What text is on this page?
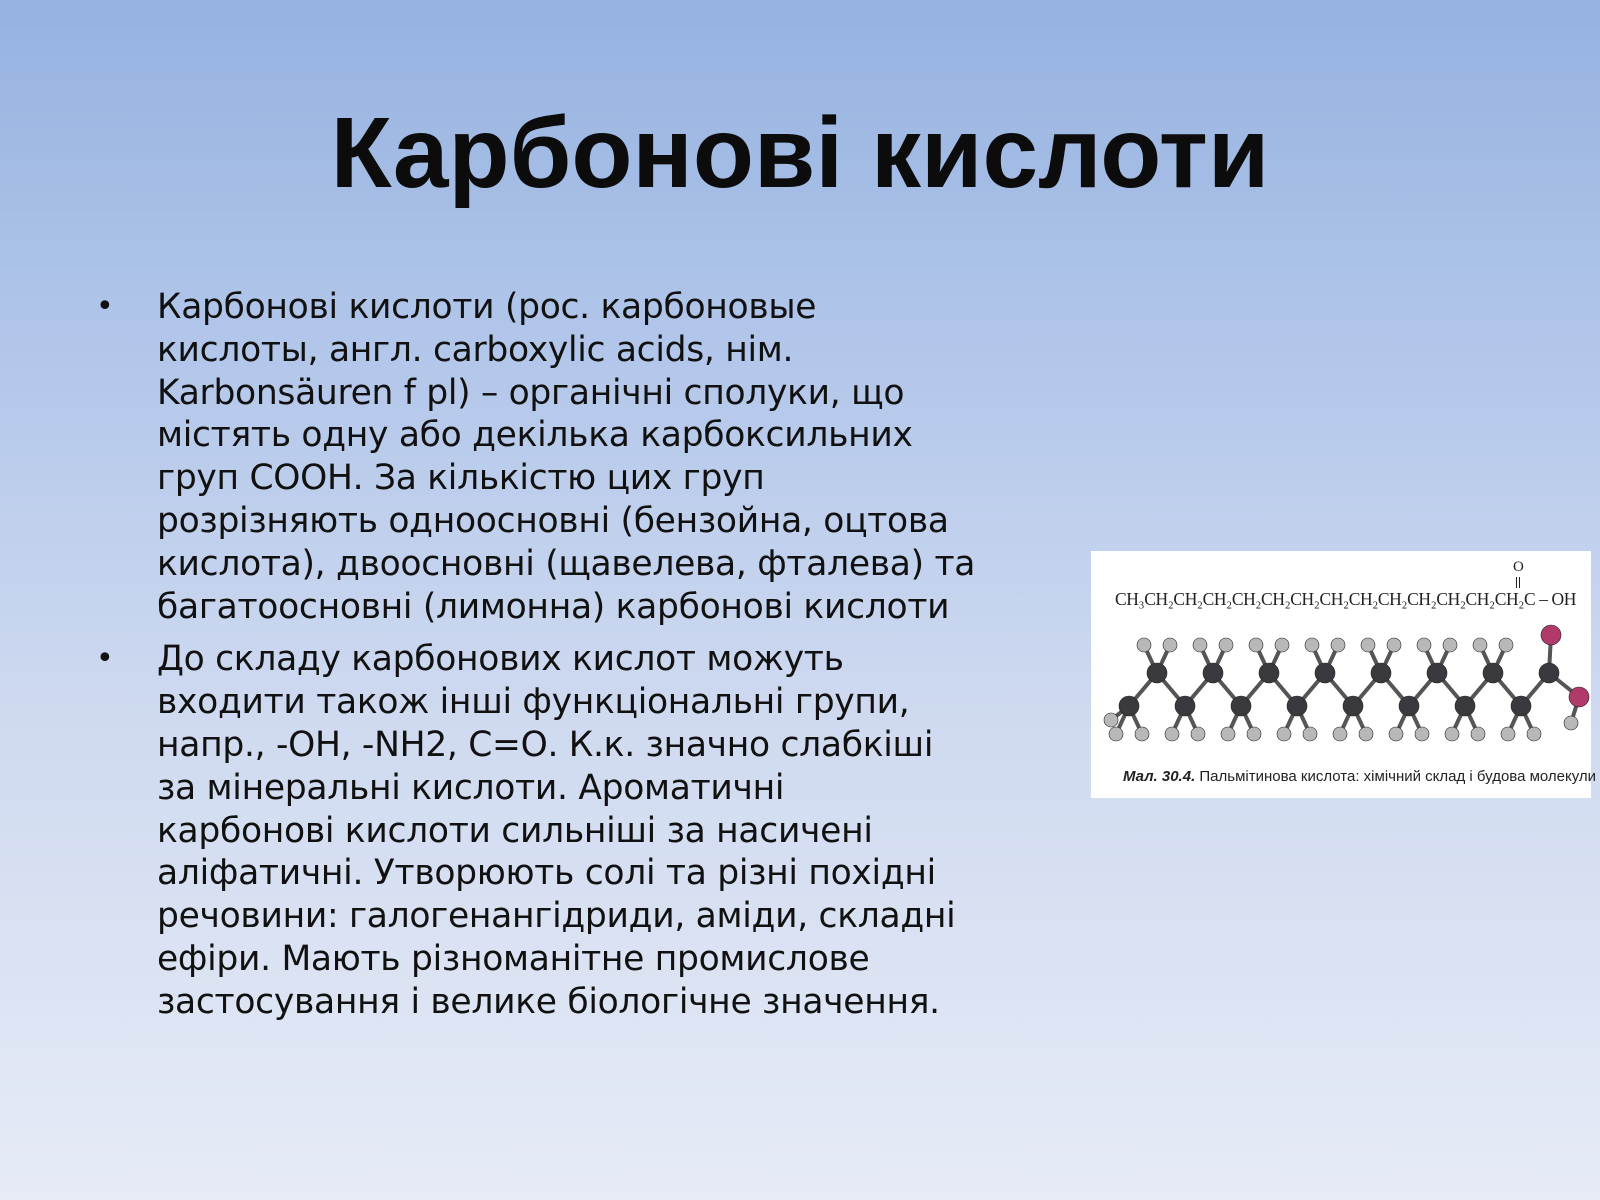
Карбонові кислоти
• Карбонові кислоти (рос. карбоновые
кислоты, англ. carboxylic acids, нім.
Karbonsäuren f pl) – органічні сполуки, що
містять одну або декілька карбоксильних
груп СООН. За кількістю цих груп
розрізняють одноосновні (бензойна, оцтова
кислота), двоосновні (щавелева, фталева) та
багатоосновні (лимонна) карбонові кислоти
• До складу карбонових кислот можуть
входити також інші функціональні групи,
напр., -ОН, -NH2, C=О. К.к. значно слабкіші
за мінеральні кислоти. Ароматичні
карбонові кислоти сильніші за насичені
аліфатичні. Утворюють солі та різні похідні
речовини: галогенангідриди, аміди, складні
ефіри. Мають різноманітне промислове
застосування і велике біологічне значення.
CH₃CH₂CH₂CH₂CH₂CH₂CH₂CH₂CH₂CH₂CH₂CH₂CH₂CH₂C – OH
O
Мал. 30.4. Пальмітинова кислота: хімічний склад і будова молекули
